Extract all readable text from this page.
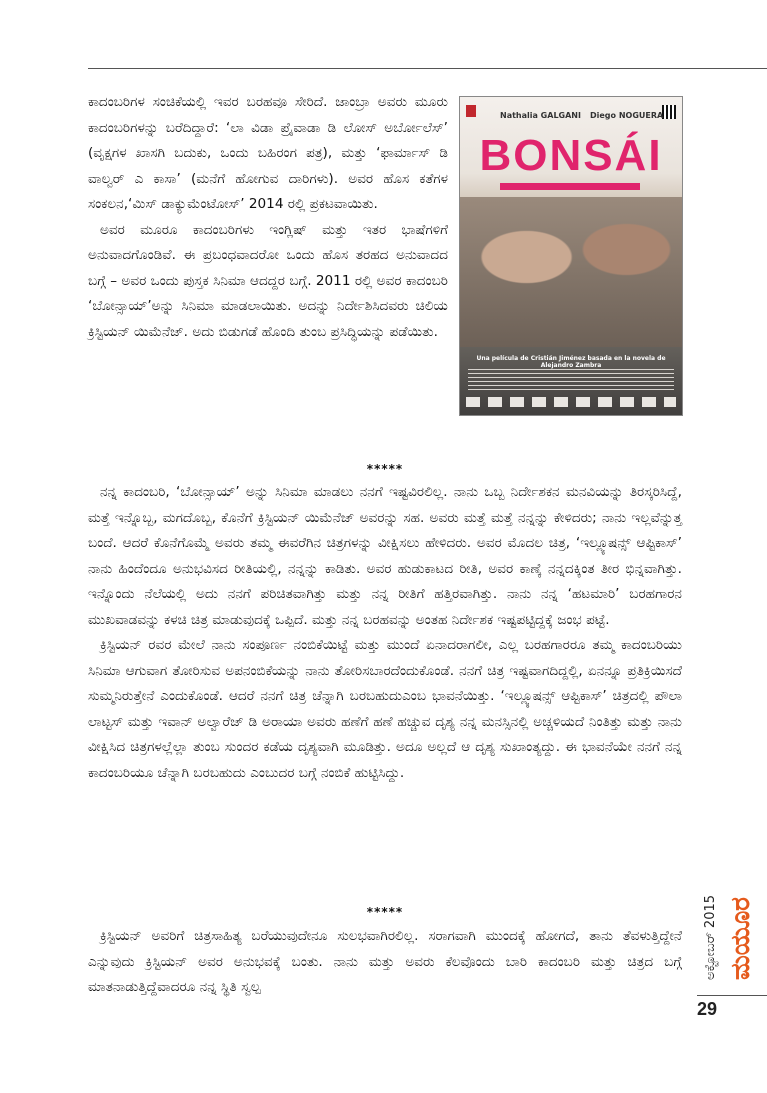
ಕಾದಂಬರಿಗಳ ಸಂಚಿಕೆಯಲ್ಲಿ ಇವರ ಬರಹವೂ ಸೇರಿದೆ. ಜಾಂಬ್ರಾ ಅವರು ಮೂರು ಕಾದಂಬರಿಗಳನ್ನು ಬರೆದಿದ್ದಾರೆ: ‘ಲಾ ವಿಡಾ ಪ್ರೈವಾಡಾ ಡಿ ಲೋಸ್ ಅರ್ಬೋಲೆಸ್’ (ವೃಕ್ಷಗಳ ಖಾಸಗಿ ಬದುಕು, ಒಂದು ಬಹಿರಂಗ ಪತ್ರ), ಮತ್ತು ‘ಫಾರ್ಮಾಸ್ ಡಿ ವಾಲ್ವರ್ ಎ ಕಾಸಾ’ (ಮನೆಗೆ ಹೋಗುವ ದಾರಿಗಳು). ಅವರ ಹೊಸ ಕತೆಗಳ ಸಂಕಲನ,‘ಮಿಸ್ ಡಾಕ್ಯುಮೆಂಟೋಸ್’ 2014 ರಲ್ಲಿ ಪ್ರಕಟವಾಯಿತು.

ಅವರ ಮೂರೂ ಕಾದಂಬರಿಗಳು ಇಂಗ್ಲಿಷ್ ಮತ್ತು ಇತರ ಭಾಷೆಗಳಿಗೆ ಅನುವಾದಗೊಂಡಿವೆ. ಈ ಪ್ರಬಂಧವಾದರೋ ಒಂದು ಹೊಸ ತರಹದ ಅನುವಾದದ ಬಗ್ಗೆ – ಅವರ ಒಂದು ಪುಸ್ತಕ ಸಿನಿಮಾ ಆದದ್ದರ ಬಗ್ಗೆ. 2011 ರಲ್ಲಿ ಅವರ ಕಾದಂಬರಿ ‘ಬೋನ್ಸಾಯ್’ಅನ್ನು ಸಿನಿಮಾ ಮಾಡಲಾಯಿತು. ಅದನ್ನು ನಿರ್ದೇಶಿಸಿದವರು ಚಿಲಿಯ ಕ್ರಿಸ್ಟಿಯನ್ ಯಿಮೆನೆಜ್. ಅದು ಬಿಡುಗಡೆ ಹೊಂದಿ ತುಂಬ ಪ್ರಸಿದ್ಧಿಯನ್ನು ಪಡೆಯಿತು.

Nathalia GALGANI Diego NOGUERA
BONSÁI

Una película de Cristián Jiménez basada en la novela de Alejandro Zambra
*****

ನನ್ನ ಕಾದಂಬರಿ, ‘ಬೋನ್ಸಾಯ್’ ಅನ್ನು ಸಿನಿಮಾ ಮಾಡಲು ನನಗೆ ಇಷ್ಟವಿರಲಿಲ್ಲ. ನಾನು ಒಬ್ಬ ನಿರ್ದೇಶಕನ ಮನವಿಯನ್ನು ತಿರಸ್ಕರಿಸಿದ್ದೆ, ಮತ್ತೆ ಇನ್ನೊಬ್ಬ, ಮಗದೊಬ್ಬ, ಕೊನೆಗೆ ಕ್ರಿಸ್ಟಿಯನ್ ಯಿಮೆನೆಜ್ ಅವರನ್ನು ಸಹ. ಅವರು ಮತ್ತೆ ಮತ್ತೆ ನನ್ನನ್ನು ಕೇಳಿದರು; ನಾನು ಇಲ್ಲವೆನ್ನುತ್ತ ಬಂದೆ. ಆದರೆ ಕೊನೆಗೊಮ್ಮೆ ಅವರು ತಮ್ಮ ಈವರೆಗಿನ ಚಿತ್ರಗಳನ್ನು ವೀಕ್ಷಿಸಲು ಹೇಳಿದರು. ಅವರ ಮೊದಲ ಚಿತ್ರ, ‘ಇಲ್ಲ್ಯೂಷನ್ಸ್ ಆಪ್ಟಿಕಾಸ್’ ನಾನು ಹಿಂದೆಂದೂ ಅನುಭವಿಸದ ರೀತಿಯಲ್ಲಿ, ನನ್ನನ್ನು ಕಾಡಿತು. ಅವರ ಹುಡುಕಾಟದ ರೀತಿ, ಅವರ ಕಾಣ್ಕೆ ನನ್ನದಕ್ಕಿಂತ ತೀರ ಭಿನ್ನವಾಗಿತ್ತು. ಇನ್ನೊಂದು ನೆಲೆಯಲ್ಲಿ ಅದು ನನಗೆ ಪರಿಚಿತವಾಗಿತ್ತು ಮತ್ತು ನನ್ನ ರೀತಿಗೆ ಹತ್ತಿರವಾಗಿತ್ತು. ನಾನು ನನ್ನ ‘ಹಟಮಾರಿ’ ಬರಹಗಾರನ ಮುಖವಾಡವನ್ನು ಕಳಚಿ ಚಿತ್ರ ಮಾಡುವುದಕ್ಕೆ ಒಪ್ಪಿದೆ. ಮತ್ತು ನನ್ನ ಬರಹವನ್ನು ಅಂತಹ ನಿರ್ದೇಶಕ ಇಷ್ಟಪಟ್ಟಿದ್ದಕ್ಕೆ ಜಂಭ ಪಟ್ಟೆ.

ಕ್ರಿಸ್ಟಿಯನ್ ರವರ ಮೇಲೆ ನಾನು ಸಂಪೂರ್ಣ ನಂಬಿಕೆಯಿಟ್ಟೆ ಮತ್ತು ಮುಂದೆ ಏನಾದರಾಗಲೀ, ಎಲ್ಲ ಬರಹಗಾರರೂ ತಮ್ಮ ಕಾದಂಬರಿಯು ಸಿನಿಮಾ ಆಗುವಾಗ ತೋರಿಸುವ ಅಪನಂಬಿಕೆಯನ್ನು ನಾನು ತೋರಿಸಬಾರದೆಂದುಕೊಂಡೆ. ನನಗೆ ಚಿತ್ರ ಇಷ್ಟವಾಗದಿದ್ದಲ್ಲಿ, ಏನನ್ನೂ ಪ್ರತಿಕ್ರಿಯಿಸದೆ ಸುಮ್ಮನಿರುತ್ತೇನೆ ಎಂದುಕೊಂಡೆ. ಆದರೆ ನನಗೆ ಚಿತ್ರ ಚೆನ್ನಾಗಿ ಬರಬಹುದುಎಂಬ ಭಾವನೆಯಿತ್ತು. ‘ಇಲ್ಲ್ಯೂಷನ್ಸ್ ಆಪ್ಟಿಕಾಸ್’ ಚಿತ್ರದಲ್ಲಿ ಪೌಲಾ ಲಾಟ್ಟಸ್ ಮತ್ತು ಇವಾನ್ ಅಲ್ವಾರೆಜ್ ಡಿ ಅರಾಯಾ ಅವರು ಹಣೆಗೆ ಹಣೆ ಹಚ್ಚುವ ದೃಶ್ಯ ನನ್ನ ಮನಸ್ಸಿನಲ್ಲಿ ಅಚ್ಚಳಿಯದೆ ನಿಂತಿತ್ತು ಮತ್ತು ನಾನು ವೀಕ್ಷಿಸಿದ ಚಿತ್ರಗಳಲ್ಲೆಲ್ಲಾ ತುಂಬ ಸುಂದರ ಕಡೆಯ ದೃಶ್ಯವಾಗಿ ಮೂಡಿತ್ತು. ಅದೂ ಅಲ್ಲದೆ ಆ ದೃಶ್ಯ ಸುಖಾಂತ್ಯದ್ದು. ಈ ಭಾವನೆಯೇ ನನಗೆ ನನ್ನ ಕಾದಂಬರಿಯೂ ಚೆನ್ನಾಗಿ ಬರಬಹುದು ಎಂಬುದರ ಬಗ್ಗೆ ನಂಬಿಕೆ ಹುಟ್ಟಿಸಿದ್ದು.

*****

ಕ್ರಿಸ್ಟಿಯನ್ ಅವರಿಗೆ ಚಿತ್ರಸಾಹಿತ್ಯ ಬರೆಯುವುದೇನೂ ಸುಲಭವಾಗಿರಲಿಲ್ಲ. ಸರಾಗವಾಗಿ ಮುಂದಕ್ಕೆ ಹೋಗದೆ, ತಾನು ತೆವಳುತ್ತಿದ್ದೇನೆ ಎನ್ನುವುದು ಕ್ರಿಸ್ಟಿಯನ್ ಅವರ ಅನುಭವಕ್ಕೆ ಬಂತು. ನಾನು ಮತ್ತು ಅವರು ಕೆಲವೊಂದು ಬಾರಿ ಕಾದಂಬರಿ ಮತ್ತು ಚಿತ್ರದ ಬಗ್ಗೆ ಮಾತನಾಡುತ್ತಿದ್ದೆವಾದರೂ ನನ್ನ ಸ್ಥಿತಿ ಸ್ವಲ್ಪ

ಅಕ್ಟೋಬರ್ 2015 ಮಯೂರ
29
